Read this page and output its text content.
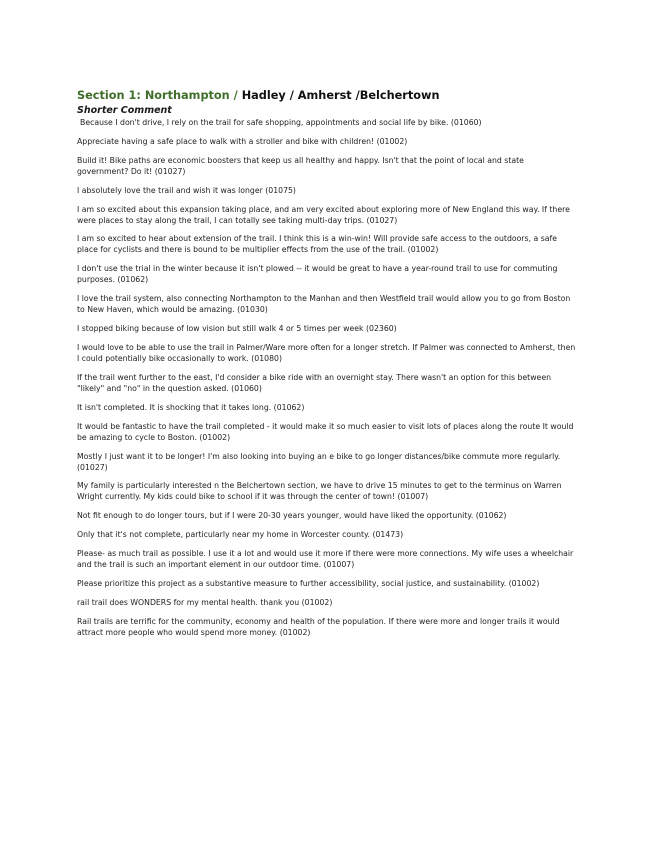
Section 1: Northampton / Hadley / Amherst /Belchertown
Shorter Comment

Because I don't drive, I rely on the trail for safe shopping, appointments and social life by bike. (01060)

Appreciate having a safe place to walk with a stroller and bike with children! (01002)

Build it! Bike paths are economic boosters that keep us all healthy and happy. Isn't that the point of local and state government? Do it! (01027)

I absolutely love the trail and wish it was longer (01075)

I am so excited about this expansion taking place, and am very excited about exploring more of New England this way. If there were places to stay along the trail, I can totally see taking multi-day trips. (01027)

I am so excited to hear about extension of the trail. I think this is a win-win! Will provide safe access to the outdoors, a safe place for cyclists and there is bound to be multiplier effects from the use of the trail. (01002)

I don't use the trial in the winter because it isn't plowed -- it would be great to have a year-round trail to use for commuting purposes. (01062)

I love the trail system, also connecting Northampton to the Manhan and then Westfield trail would allow you to go from Boston to New Haven, which would be amazing. (01030)

I stopped biking because of low vision but still walk 4 or 5 times per week (02360)

I would love to be able to use the trail in Palmer/Ware more often for a longer stretch. If Palmer was connected to Amherst, then I could potentially bike occasionally to work. (01080)

If the trail went further to the east, I'd consider a bike ride with an overnight stay. There wasn't an option for this between "likely" and "no" in the question asked. (01060)

It isn't completed. It is shocking that it takes long. (01062)

It would be fantastic to have the trail completed - it would make it so much easier to visit lots of places along the route It would be amazing to cycle to Boston. (01002)

Mostly I just want it to be longer! I'm also looking into buying an e bike to go longer distances/bike commute more regularly. (01027)

My family is particularly interested n the Belchertown section, we have to drive 15 minutes to get to the terminus on Warren Wright currently. My kids could bike to school if it was through the center of town! (01007)

Not fit enough to do longer tours, but if I were 20-30 years younger, would have liked the opportunity. (01062)

Only that it's not complete, particularly near my home in Worcester county. (01473)

Please- as much trail as possible. I use it a lot and would use it more if there were more connections. My wife uses a wheelchair and the trail is such an important element in our outdoor time. (01007)

Please prioritize this project as a substantive measure to further accessibility, social justice, and sustainability. (01002)

rail trail does WONDERS for my mental health. thank you (01002)

Rail trails are terrific for the community, economy and health of the population. If there were more and longer trails it would attract more people who would spend more money. (01002)
